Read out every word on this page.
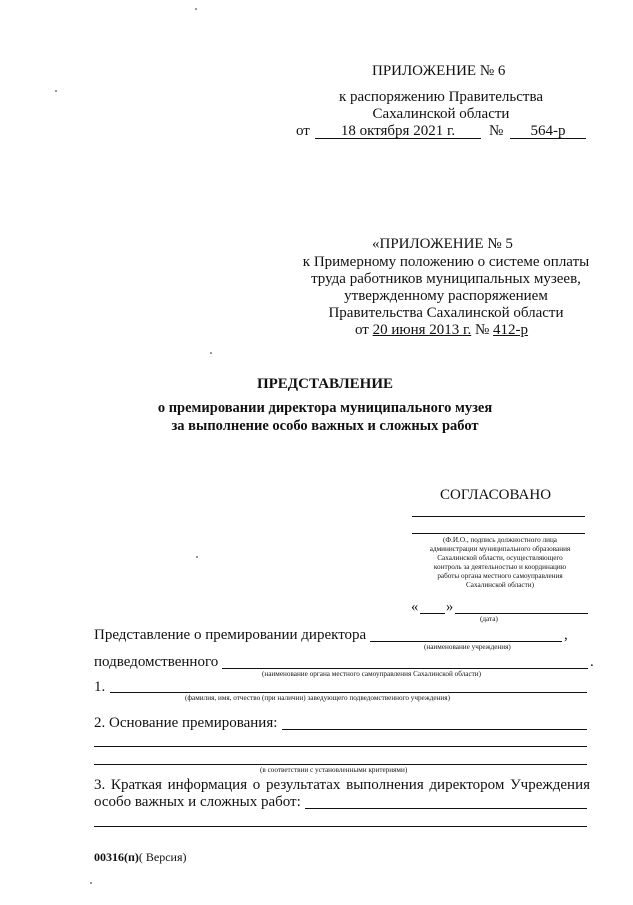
ПРИЛОЖЕНИЕ № 6
к распоряжению Правительства
Сахалинской области
от	18 октября 2021 г.	№	564-р
«ПРИЛОЖЕНИЕ № 5
к Примерному положению о системе оплаты
труда работников муниципальных музеев,
утвержденному распоряжением
Правительства Сахалинской области
от 20 июня 2013 г. № 412-р
ПРЕДСТАВЛЕНИЕ
о премировании директора муниципального музея
за выполнение особо важных и сложных работ
СОГЛАСОВАНО
(Ф.И.О., подпись должностного лица
администрации муниципального образования
Сахалинской области, осуществляющего
контроль за деятельностью и координацию
работы органа местного самоуправления
Сахалинской области)
« »
(дата)
Представление о премировании директора	,
(наименование учреждения)
подведомственного	.
(наименование органа местного самоуправления Сахалинской области)
1.
(фамилия, имя, отчество (при наличии) заведующего подведомственного учреждения)
2. Основание премирования:
(в соответствии с установленными критериями)
3. Краткая информация о результатах выполнения директором Учреждения
особо важных и сложных работ:
00316(п)( Версия)
